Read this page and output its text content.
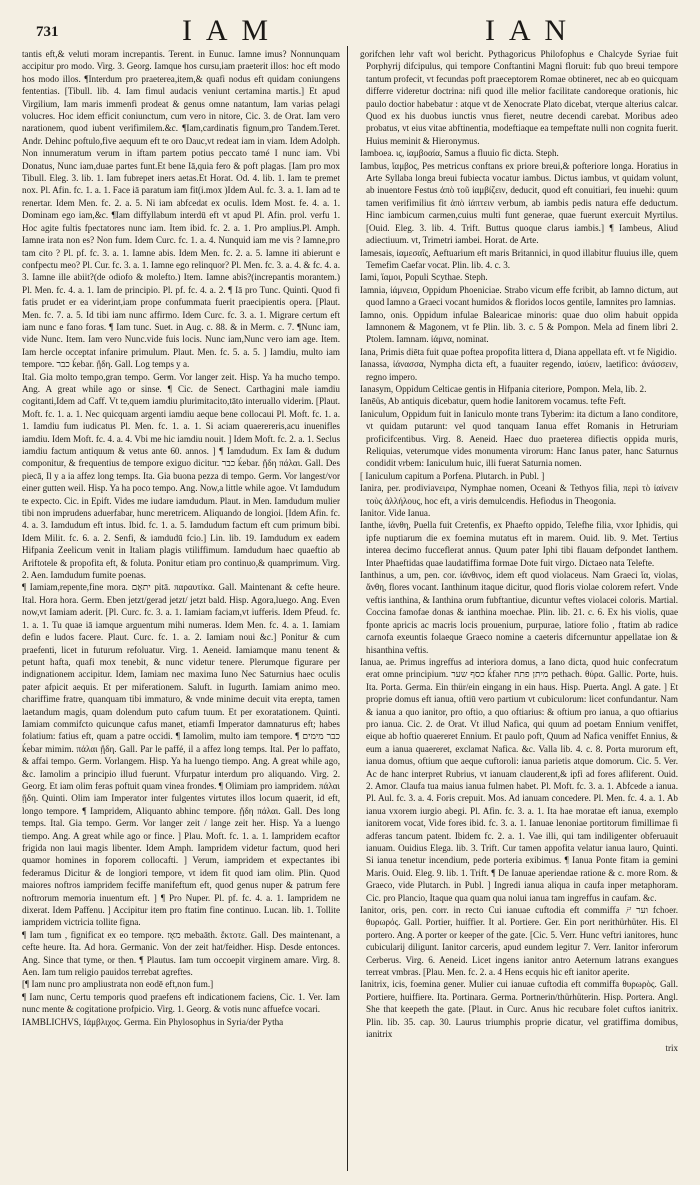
731	I A M	I A N

tantis eft,& veluti moram increpantis. Terent. in Eunuc. Iamne imus? Nonnunquam accipitur pro modo. Virg. 3. Georg. Iamque hos cursu,iam praeterit illos: hoc eft modo hos modo illos. ¶Interdum pro praeterea,item,& quafi nodus eft quidam coniungens fententias. [Tibull. lib. 4. Iam fimul audacis veniunt certamina martis.] Et apud Virgilium, Iam maris immenfi prodeat & genus omne natantum, Iam varias pelagi volucres. Hoc idem efficit coniunctum, cum vero in nitore, Cic. 3. de Orat. Iam vero narationem, quod iubent verifimilem.&c. ¶Iam,cardinatis fignum,pro Tandem.Teret. Andr. Dehinc poftulo,five aequum eft te oro Dauc,vt redeat iam in viam. Idem Adolph. Non innumeratum verum in iftam partem potius peccato tamé I nunc iam. Vbi Donatus, Nunc iam,duae partes funt.Et bene Iā,quia fero & poft plagas. [Iam pro mox Tibull. Eleg. 3. lib. 1. Iam fubrepet iners aetas.Et Horat. Od. 4. lib. 1. Iam te premet nox. Pl. Afin. fc. 1. a. 1. Face iā paratum iam fit(i.mox )Idem Aul. fc. 3. a. 1. Iam ad te renertar. Idem Men. fc. 2. a. 5. Ni iam abfcedat ex oculis. Idem Most. fe. 4. a. 1. Dominam ego iam,&c. ¶Iam diffyllabum interdū eft vt apud Pl. Afin. prol. verfu 1. Hoc agite fultis fpectatores nunc iam. Item ibid. fc. 2. a. 1. Pro amplius.Pl. Amph. Iamne irata non es? Non fum. Idem Curc. fc. 1. a. 4. Nunquid iam me vis ? Iamne,pro tam cito ? Pl. pf. fc. 3. a. 1. Iamne abis. Idem Men. fc. 2. a. 5. Iamne iti abierunt e confpectu meo? Pl. Cur. fc. 3. a. 1. Iamne ego relinquor? Pl. Men. fc. 3. a. 4. & fc. 4. a. 3. Iamne ille abiit?(de odiofo & molefto.) Item. Iamne abis?(increpantis morantem.) Pl. Men. fc. 4. a. 1. Iam de principio. Pl. pf. fc. 4. a. 2. ¶ Iā pro Tunc. Quinti. Quod fi fatis prudet er ea viderint,iam prope confummata fuerit praecipientis opera. [Plaut. Men. fc. 7. a. 5. Id tibi iam nunc affirmo. Idem Curc. fc. 3. a. 1. Migrare certum eft iam nunc e fano foras. ¶ Iam tunc. Suet. in Aug. c. 88. & in Merm. c. 7. ¶Nunc iam, vide Nunc. Item. Iam vero Nunc.vide fuis locis. Nunc iam,Nunc vero iam age. Item. Iam hercle occeptat infanire primulum. Plaut. Men. fc. 5. a. 5. ] Iamdiu, multo iam tempore. כבר ḱebar. ᾔδη. Gall. Log temps y a.

Ital. Gia molto tempo,gran tempo. Germ. Vor langer zeit. Hisp. Ya ha mucho tempo. Ang. A great while ago or sinse. ¶ Cic. de Senect. Carthagini male iamdiu cogitanti,Idem ad Caff. Vt te,quem iamdiu plurimitacito,tāto interuallo viderim. [Plaut. Moft. fc. 1. a. 1. Nec quicquam argenti iamdiu aeque bene collocaui Pl. Moft. fc. 1. a. 1. Iamdiu fum iudicatus Pl. Men. fc. 1. a. 1. Si aciam quaerereris,acu inuenifles iamdiu. Idem Moft. fc. 4. a. 4. Vbi me hic iamdiu nouit. ] Idem Moft. fc. 2. a. 1. Seclus iamdiu factum antiquum & vetus ante 60. annos. ] ¶ Iamdudum. Ex Iam & dudum componitur, & frequentius de tempore exiguo dicitur. כבר ḱebar. ᾔδη πάλαι. Gall. Des piecā, Il y a ia affez long temps. Ita. Gia buona pezza di tempo. Germ. Vor langest/vor einer gutten weil. Hisp. Ya ha poco tempo. Ang. Now,a little while agoe. Vt Iamdudum te expecto. Cic. in Epift. Vides me iudare iamdudum. Plaut. in Men. Iamdudum mulier tibi non imprudens aduerfabar, hunc meretricem. Aliquando de longioi. [Idem Afin. fc. 4. a. 3. Iamdudum eft intus. Ibid. fc. 1. a. 5. Iamdudum factum eft cum primum bibi. Idem Milit. fc. 6. a. 2. Senfi, & iamdudū fcio.] Lin. lib. 19. Iamdudum ex eadem Hifpania Zeelicum venit in Italiam plagis vtiliffimum. Iamdudum haec quaeftio ab Ariftotele & propofita eft, & foluta. Ponitur etiam pro continuo,& quamprimum. Virg. 2. Aen. Iamdudum fumite poenas.

¶ Iamiam,repente,fine mora. יתאָם pitā. παραυτίκα. Gall. Maintenant & cefte heure. Ital. Hora hora. Germ. Eben jetzt/gerad jetzt/ jetzt bald. Hisp. Agora,luego. Ang. Even now,vt Iamiam aderit. [Pl. Curc. fc. 3. a. 1. Iamiam faciam,vt iufferis. Idem Pfeud. fc. 1. a. 1. Tu quae iā iamque arguentum mihi numeras. Idem Men. fc. 4. a. 1. Iamiam defin e ludos facere. Plaut. Curc. fc. 1. a. 2. Iamiam noui &c.] Ponitur & cum praefenti, licet in futurum refoluatur. Virg. 1. Aeneid. Iamiamque manu tenent & petunt hafta, quafi mox tenebit, & nunc videtur tenere. Plerumque figurare per indignationem accipitur. Idem, Iamiam nec maxima Iuno Nec Saturnius haec oculis pater afpicit aequis. Et per miferationem. Saluft. in Iugurth. Iamiam animo meo. chariffime fratre, quanquam tibi immaturo, & vnde minime decuit vita erepta, tamen laetandum magis, quam dolendum puto cafum tuum. Et per exoratationem. Quinti. Iamiam commifcto quicunque cafus manet, etiamfi Imperator damnaturus eft; habes folatium: fatius eft, quam a patre occidi. ¶ Iamolim, multo iam tempore. ¶ כבר מימים ḱebar mimim. πάλαι ᾔδη. Gall. Par le paffé, il a affez long temps. Ital. Per lo paffato, & affai tempo. Germ. Vorlangem. Hisp. Ya ha luengo tiempo. Ang. A great while ago, &c. Iamolim a principio illud fuerunt. Vfurpatur interdum pro aliquando. Virg. 2. Georg. Et iam olim feras poftuit quam vinea frondes. ¶ Olimiam pro iampridem. πάλαι ᾔδη. Quinti. Olim iam Imperator inter fulgentes virtutes illos locum quaerit, id eft, longo tempore. ¶ Iampridem, Aliquanto abhinc tempore. ᾔδη πάλαι. Gall. Des long temps. Ital. Gia tempo. Germ. Vor langer zeit / lange zeit her. Hisp. Ya a luengo tiempo. Ang. A great while ago or fince. ] Plau. Moft. fc. 1. a. 1. Iampridem ecaftor frigida non laui magis libenter. Idem Amph. Iampridem videtur factum, quod heri quamor homines in foporem collocafti. ] Verum, iampridem et expectantes ibi federamus Dicitur & de longiori tempore, vt idem fit quod iam olim. Plin. Quod maiores noftros iampridem feciffe manifeftum eft, quod genus nuper & patrum fere noftrorum memoria inuentum eft. ] ¶ Pro Nuper. Pl. pf. fc. 4. a. 1. Iampridem ne dixerat. Idem Paffenu. ] Accipitur item pro ftatim fine continuo. Lucan. lib. 1. Tollite iampridem victricia tollite figna.

¶ Iam tum , fignificat ex eo tempore. מאָז mebaāth. ἔκτοτε. Gall. Des maintenant, a cefte heure. Ita. Ad hora. Germanic. Von der zeit hat/feidher. Hisp. Desde entonces. Ang. Since that tyme, or then. ¶ Plautus. Iam tum occoepit virginem amare. Virg. 8. Aen. Iam tum religio pauidos terrebat agreftes.

[¶ Iam nunc pro ampliustrata non eodē eft,non fum.]

¶ Iam nunc, Certu temporis quod praefens eft indicationem faciens, Cic. 1. Ver. Iam nunc mente & cogitatione profpicio. Virg. 1. Georg. & votis nunc affuefce vocari.

IAMBLICHVS, Iάμβλιχος. Germa. Ein Phylosophus in Syria/der Pytha

gorifchen lehr vaft wol bericht. Pythagoricus Philofophus e Chalcyde Syriae fuit Porphyrij difcipulus, qui tempore Conftantini Magni floruit: fub quo breui tempore tantum profecit, vt fecundas poft praeceptorem Romae obtineret, nec ab eo quicquam differre videretur doctrina: nifi quod ille melior facilitate candoreque orationis, hic paulo doctior habebatur : atque vt de Xenocrate Plato dicebat, vterque alterius calcar. Quod ex his duobus iunctis vnus fieret, neutre decendi carebat. Moribus adeo probatus, vt eius vitae abftinentia, modeftiaque ea tempeftate nulli non cognita fuerit. Huius meminit & Hieronymus.

Iamboea. ις, ἰαμβοαία, Samus a fluuio fic dicta. Steph.

Iambus, ἴαμβος, Pes metricus conftans ex priore breui,& pofteriore longa. Horatius in Arte Syllaba longa breui fubiecta vocatur iambus. Dictus iambus, vt quidam volunt, ab inuentore Festus ἀπὸ τοῦ ἰαμβίζειν, deducit, quod eft conuitiari, feu inuehi: quum tamen verifimilius fit ἀπὸ ἰάπτειν verbum, ab iambis pedis natura effe deductum. Hinc iambicum carmen,cuius multi funt generae, quae fuerunt exercuit Myrtilus. [Ouid. Eleg. 3. lib. 4. Trift. Buttus quoque clarus iambis.] ¶ Iambeus, Aliud adiectiuum. vt, Trimetri iambei. Horat. de Arte.

Iamesais, ἰαμεσαΐς, Aeftuarium eft maris Britannici, in quod illabitur fluuius ille, quem Temefim Caefar vocat. Plin. lib. 4. c. 3.

Iami, ἴαμοι, Populi Scythae. Steph.

Iamnia, ἰάμνεια, Oppidum Phoeniciae. Strabo vicum effe fcribit, ab Iamno dictum, aut quod Iamno a Graeci vocant humidos & floridos locos gentile, Iamnites pro Iamnias.

Iamno, onis. Oppidum infulae Balearicae minoris: quae duo olim habuit oppida Iamnonem & Magonem, vt fe Plin. lib. 3. c. 5 & Pompon. Mela ad finem libri 2. Ptolem. Iamnam. ἰάμνα, nominat.

Iana, Primis diēta fuit quae poftea propofita littera d, Diana appellata eft. vt fe Nigidio.

Ianassa, ἰάνασσα, Nympha dicta eft, a fuauiter regendo, ἰαύειν, laetifico: ἀνάσσειν, regno impero.

Ianasym, Oppidum Celticae gentis in Hifpania citeriore, Pompon. Mela, lib. 2.

Ianēüs, Ab antiquis dicebatur, quem hodie Ianitorem vocamus. tefte Feft.

Ianiculum, Oppidum fuit in Ianiculo monte trans Tyberim: ita dictum a Iano conditore, vt quidam putarunt: vel quod tanquam Ianua effet Romanis in Hetruriam proficifcentibus. Virg. 8. Aeneid. Haec duo praeterea difiectis oppida muris, Reliquias, veterumque vides monumenta virorum: Hanc Ianus pater, hanc Saturnus condidit vrbem: Ianiculum huic, illi fuerat Saturnia nomen.

[ Ianiculum capitum a Porfena. Plutarch. in Publ. ]

Ianira, per. prodiviavειρα, Nymphae nomen, Oceani & Tethyos filia, περὶ τὸ ἰαίνειν τοὺς ἀλλήλους, hoc eft, a viris demulcendis. Hefiodus in Theogonia.

Ianitor. Vide Ianua.

Ianthe, ἰάνθη, Puella fuit Cretenfis, ex Phaefto oppido, Telefhe filia, vxor Iphidis, qui ipfe nuptiarum die ex foemina mutatus eft in marem. Ouid. lib. 9. Met. Tertius interea decimo fucceflerat annus. Quum pater Iphi tibi flauam defpondet Ianthem. Inter Phaeftidas quae laudatiffima formae Dote fuit virgo. Dictaeo nata Telefte.

Ianthinus, a um, pen. cor. ἰάνθινος, idem eft quod violaceus. Nam Graeci ἴα, violas, ἄνθη, flores vocant. Ianthinum itaque dicitur, quod floris violae colorem refert. Vnde veftis ianthina, & Ianthina orum fubftantiue, dicuntur veftes violacei coloris. Martial. Coccina famofae donas & ianthina moechae. Plin. lib. 21. c. 6. Ex his violis, quae fponte apricis ac macris locis prouenium, purpurae, latiore folio , ftatim ab radice carnofa exeuntis folaeque Graeco nomine a caeteris difcernuntur appellatae ion & hisanthina veftis.

Ianua, ae. Primus ingreffus ad interiora domus, a Iano dicta, quod huic confecratum erat omne principium. כסף שער ḱfaher מיתן פתח pethach. θύρα. Gallic. Porte, huis. Ita. Porta. Germa. Ein thür/ein eingang in ein haus. Hisp. Puerta. Angl. A gate. ] Et proprie domus eft ianua, oftiū vero partium vt cubiculorum: licet confundantur. Nam & ianua a quo ianitor, pro oftio, a quo oftiarius: & oftium pro ianua, a quo oftiarius pro ianua. Cic. 2. de Orat. Vt illud Nafica, qui quum ad poetam Ennium veniffet, eique ab hoftio quaereret Ennium. Et paulo poft, Quum ad Nafica veniffet Ennius, & eum a ianua quaereret, exclamat Nafica. &c. Valla lib. 4. c. 8. Porta murorum eft, ianua domus, oftium que aeque cuftoroli: ianua parietis atque domorum. Cic. 5. Ver. Ac de hanc interpret Rubrius, vt ianuam clauderent,& ipfi ad fores afliferent. Ouid. 2. Amor. Claufa tua maius ianua fulmen habet. Pl. Moft. fc. 3. a. 1. Abfcede a ianua. Pl. Aul. fc. 3. a. 4. Foris crepuit. Mos. Ad ianuam concedere. Pl. Men. fc. 4. a. 1. Ab ianua vxorem iurgio abegi. Pl. Afin. fc. 3. a. 1. Ita hae moratae eft ianua, exemplo ianitorem vocat, Vide fores ibid. fc. 3. a. 1. Ianuae lenoniae portitorum fimillimae fi adferas tancum patent. Ibidem fc. 2. a. 1. Vae illi, qui tam indiligenter obferuauit ianuam. Ouidius Elega. lib. 3. Trift. Cur tamen appofita velatur ianua lauro, Quinti. Si ianua tenetur incendium, pede porteria exibimus. ¶ Ianua Ponte fitam ia gemini Maris. Ouid. Eleg. 9. lib. 1. Trift. ¶ De Ianuae aperiendae ratione & c. more Rom. & Graeco, vide Plutarch. in Publ. ] Ingredi ianua aliqua in caufa inper metaphoram. Cic. pro Plancio, Itaque qua quam qua nolui ianua tam ingreffus in caufam. &c.

Ianitor, oris, pen. corr. in recto Cui ianuae cuftodia eft commiffa ㄕוער fchoer. θυρωρός. Gall. Portier, huiffier. It al. Portiere. Ger. Ein port nerithürhüter. His. El portero. Ang. A porter or keeper of the gate. [Cic. 5. Verr. Hunc veftri ianitores, hunc cubicularij diligunt. Ianitor carceris, apud eundem legitur 7. Verr. Ianitor inferorum Cerberus. Virg. 6. Aeneid. Licet ingens ianitor antro Aeternum latrans exangues terreat vmbras. [Plau. Men. fc. 2. a. 4 Hens ecquis hic eft ianitor aperite.

Ianitrix, icis, foemina gener. Mulier cui ianuae cuftodia eft commiffa θυρωρὸς. Gall. Portiere, huiffiere. Ita. Portinara. Germa. Portnerin/thürhüterin. Hisp. Portera. Angl. She that keepeth the gate. [Plaut. in Curc. Anus hic recubare folet cuftos ianitrix. Plin. lib. 35. cap. 30. Laurus triumphis proprie dicatur, vel gratiffima domibus, ianitrix

trix
